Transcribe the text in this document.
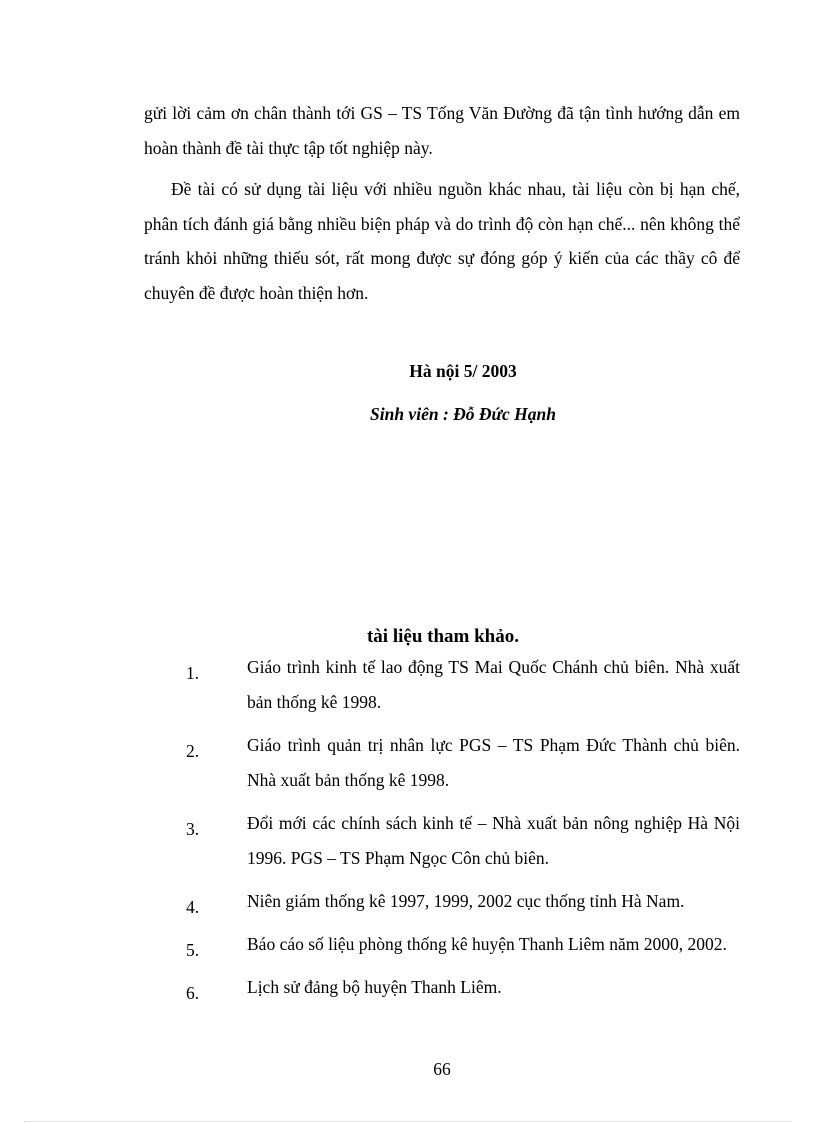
gửi lời cảm ơn chân thành tới GS – TS Tống Văn Đường đã tận tình hướng dẫn em hoàn thành đề tài thực tập tốt nghiệp này.

Đề tài có sử dụng tài liệu với nhiều nguồn khác nhau, tài liệu còn bị hạn chế, phân tích đánh giá bằng nhiều biện pháp và do trình độ còn hạn chế... nên không thể tránh khỏi những thiếu sót, rất mong được sự đóng góp ý kiến của các thầy cô để chuyên đề được hoàn thiện hơn.

Hà nội 5/ 2003
Sinh viên : Đỗ Đức Hạnh
tài liệu tham khảo.
1.	Giáo trình kinh tế lao động TS Mai Quốc Chánh chủ biên. Nhà xuất bản thống kê 1998.
2.	Giáo trình quản trị nhân lực PGS – TS Phạm Đức Thành chủ biên. Nhà xuất bản thống kê 1998.
3.	Đổi mới các chính sách kinh tế – Nhà xuất bản nông nghiệp Hà Nội 1996. PGS – TS Phạm Ngọc Côn chủ biên.
4.	Niên giám thống kê 1997, 1999, 2002 cục thống tỉnh Hà Nam.
5.	Báo cáo số liệu phòng thống kê huyện Thanh Liêm năm 2000, 2002.
6.	Lịch sử đảng bộ huyện Thanh Liêm.
66
